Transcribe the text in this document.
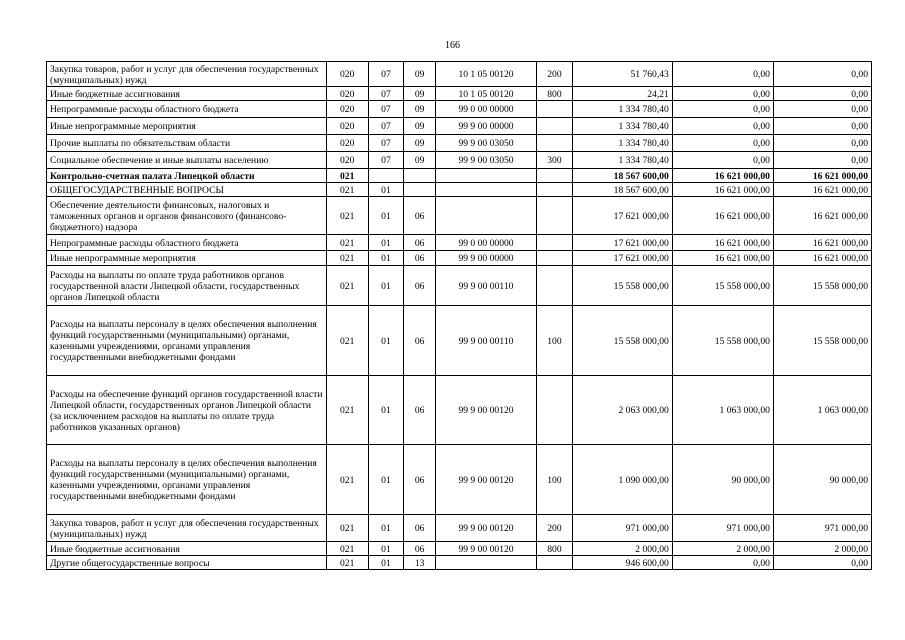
166
Закупка товаров, работ и услуг для обеспечения государственных (муниципальных) нужд	020	07	09	10 1 05 00120	200	51 760,43	0,00	0,00
Иные бюджетные ассигнования	020	07	09	10 1 05 00120	800	24,21	0,00	0,00
Непрограммные расходы областного бюджета	020	07	09	99 0 00 00000		1 334 780,40	0,00	0,00
Иные непрограммные мероприятия	020	07	09	99 9 00 00000		1 334 780,40	0,00	0,00
Прочие выплаты по обязательствам области	020	07	09	99 9 00 03050		1 334 780,40	0,00	0,00
Социальное обеспечение и иные выплаты населению	020	07	09	99 9 00 03050	300	1 334 780,40	0,00	0,00
Контрольно-счетная палата Липецкой области	021					18 567 600,00	16 621 000,00	16 621 000,00
ОБЩЕГОСУДАРСТВЕННЫЕ ВОПРОСЫ	021	01				18 567 600,00	16 621 000,00	16 621 000,00
Обеспечение деятельности финансовых, налоговых и таможенных органов и органов финансового (финансово-бюджетного) надзора	021	01	06			17 621 000,00	16 621 000,00	16 621 000,00
Непрограммные расходы областного бюджета	021	01	06	99 0 00 00000		17 621 000,00	16 621 000,00	16 621 000,00
Иные непрограммные мероприятия	021	01	06	99 9 00 00000		17 621 000,00	16 621 000,00	16 621 000,00
Расходы на выплаты по оплате труда работников органов государственной власти Липецкой области, государственных органов Липецкой области	021	01	06	99 9 00 00110		15 558 000,00	15 558 000,00	15 558 000,00
Расходы на выплаты персоналу в целях обеспечения выполнения функций государственными (муниципальными) органами, казенными учреждениями, органами управления государственными внебюджетными фондами	021	01	06	99 9 00 00110	100	15 558 000,00	15 558 000,00	15 558 000,00
Расходы на обеспечение функций органов государственной власти Липецкой области, государственных органов Липецкой области (за исключением расходов на выплаты по оплате труда работников указанных органов)	021	01	06	99 9 00 00120		2 063 000,00	1 063 000,00	1 063 000,00
Расходы на выплаты персоналу в целях обеспечения выполнения функций государственными (муниципальными) органами, казенными учреждениями, органами управления государственными внебюджетными фондами	021	01	06	99 9 00 00120	100	1 090 000,00	90 000,00	90 000,00
Закупка товаров, работ и услуг для обеспечения государственных (муниципальных) нужд	021	01	06	99 9 00 00120	200	971 000,00	971 000,00	971 000,00
Иные бюджетные ассигнования	021	01	06	99 9 00 00120	800	2 000,00	2 000,00	2 000,00
Другие общегосударственные вопросы	021	01	13			946 600,00	0,00	0,00
